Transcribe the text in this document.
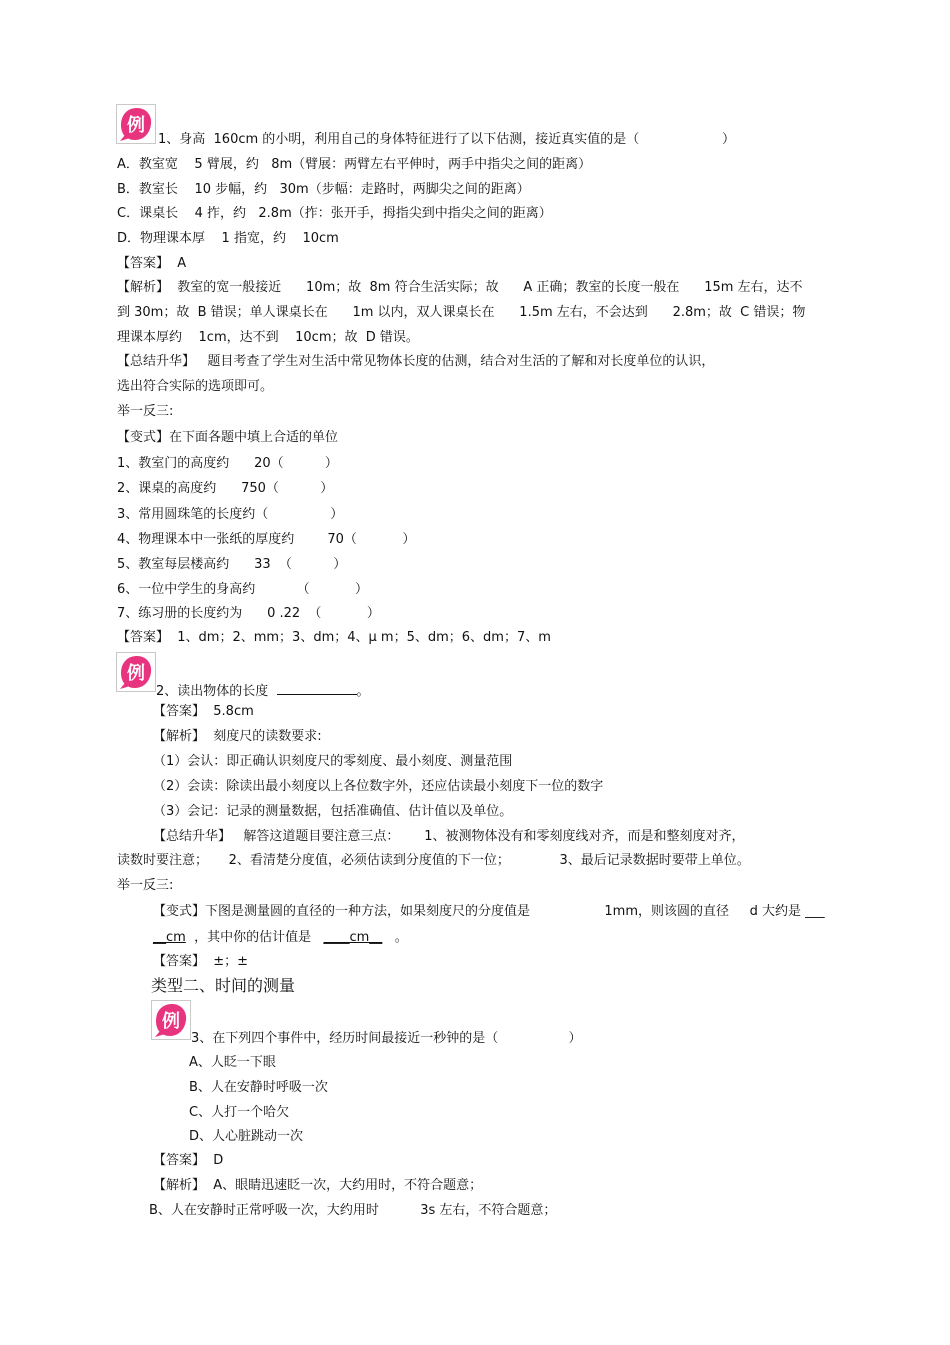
例
1、身高  160cm 的小明，利用自己的身体特征进行了以下估测，接近真实值的是（                    ）
A．教室宽    5 臂展，约   8m（臂展：两臂左右平伸时，两手中指尖之间的距离）
B．教室长    10 步幅，约   30m（步幅：走路时，两脚尖之间的距离）
C．课桌长    4 拃，约   2.8m（拃：张开手，拇指尖到中指尖之间的距离）
D．物理课本厚    1 指宽，约    10cm
【答案】  A
【解析】  教室的宽一般接近      10m；故  8m 符合生活实际；故      A 正确；教室的长度一般在      15m 左右，达不
到 30m；故  B 错误；单人课桌长在      1m 以内，双人课桌长在      1.5m 左右，不会达到      2.8m；故  C 错误；物
理课本厚约    1cm，达不到    10cm；故  D 错误。
【总结升华】   题目考查了学生对生活中常见物体长度的估测，结合对生活的了解和对长度单位的认识，
选出符合实际的选项即可。
举一反三:
【变式】在下面各题中填上合适的单位
1、教室门的高度约      20（          ）
2、课桌的高度约      750（          ）
3、常用圆珠笔的长度约（               ）
4、物理课本中一张纸的厚度约        70（           ）
5、教室每层楼高约      33  （          ）
6、一位中学生的身高约          （           ）
7、练习册的长度约为      0 .22  （           ）
【答案】  1、dm；2、mm；3、dm；4、μ m；5、dm；6、dm；7、m
例
2、读出物体的长度	。
【答案】  5.8cm
【解析】  刻度尺的读数要求:
（1）会认：即正确认识刻度尺的零刻度、最小刻度、测量范围
（2）会读：除读出最小刻度以上各位数字外，还应估读最小刻度下一位的数字
（3）会记：记录的测量数据，包括准确值、估计值以及单位。
【总结升华】   解答这道题目要注意三点：      1、被测物体没有和零刻度线对齐，而是和整刻度对齐，
读数时要注意；     2、看清楚分度值，必须估读到分度值的下一位；            3、最后记录数据时要带上单位。
举一反三:
【变式】下图是测量圆的直径的一种方法，如果刻度尺的分度值是                  1mm，则该圆的直径     d 大约是 ___
__cm  ，其中你的估计值是   ____cm__   。
【答案】  ±；±
类型二、时间的测量
例
3、在下列四个事件中，经历时间最接近一秒钟的是（                 ）
A、人眨一下眼
B、人在安静时呼吸一次
C、人打一个哈欠
D、人心脏跳动一次
【答案】  D
【解析】  A、眼睛迅速眨一次，大约用时，不符合题意；
B、人在安静时正常呼吸一次，大约用时          3s 左右，不符合题意；
